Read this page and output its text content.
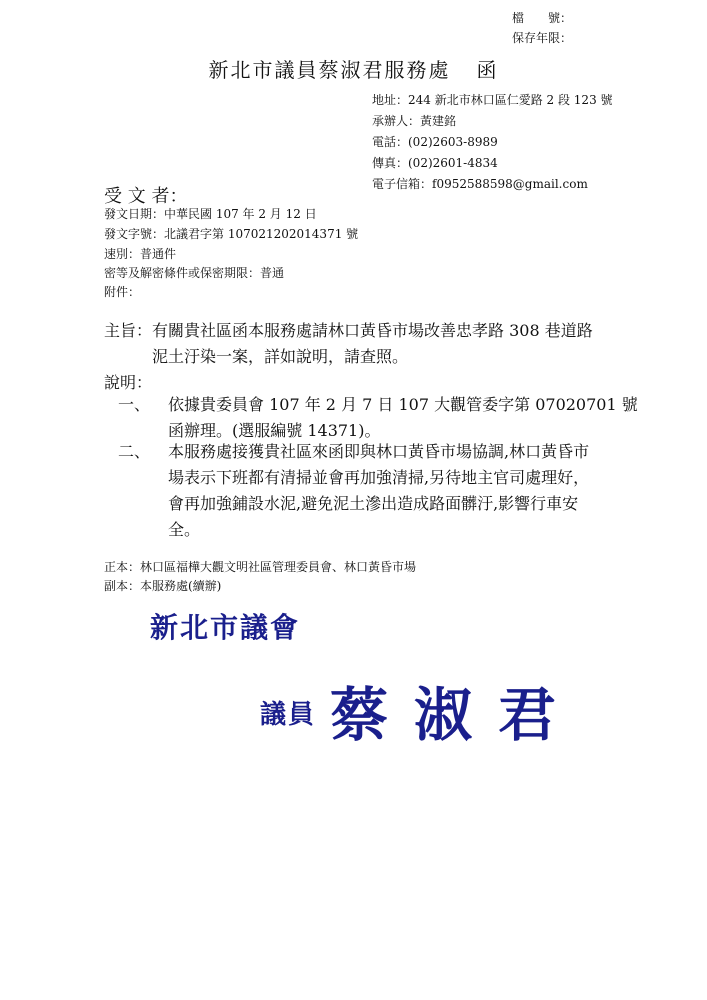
檔　　號：
保存年限：
新北市議員蔡淑君服務處 函
地址：244 新北市林口區仁愛路 2 段 123 號
承辦人：黃建銘
電話：(02)2603-8989
傳真：(02)2601-4834
電子信箱：f0952588598@gmail.com
受 文 者：
發文日期：中華民國 107 年 2 月 12 日
發文字號：北議君字第 107021202014371 號
速別：普通件
密等及解密條件或保密期限：普通
附件：
主旨：有關貴社區函本服務處請林口黃昏市場改善忠孝路 308 巷道路
泥土汙染一案，詳如說明，請查照。
說明：
一、 依據貴委員會 107 年 2 月 7 日 107 大觀管委字第 07020701 號
函辦理。(選服編號 14371)。
二、 本服務處接獲貴社區來函即與林口黃昏市場協調,林口黃昏市
場表示下班都有清掃並會再加強清掃,另待地主官司處理好，
會再加強鋪設水泥,避免泥土滲出造成路面髒汙,影響行車安
全。
正本：林口區福樺大觀文明社區管理委員會、林口黃昏市場
副本：本服務處(續辦)
新北市議會
議員 蔡淑君
